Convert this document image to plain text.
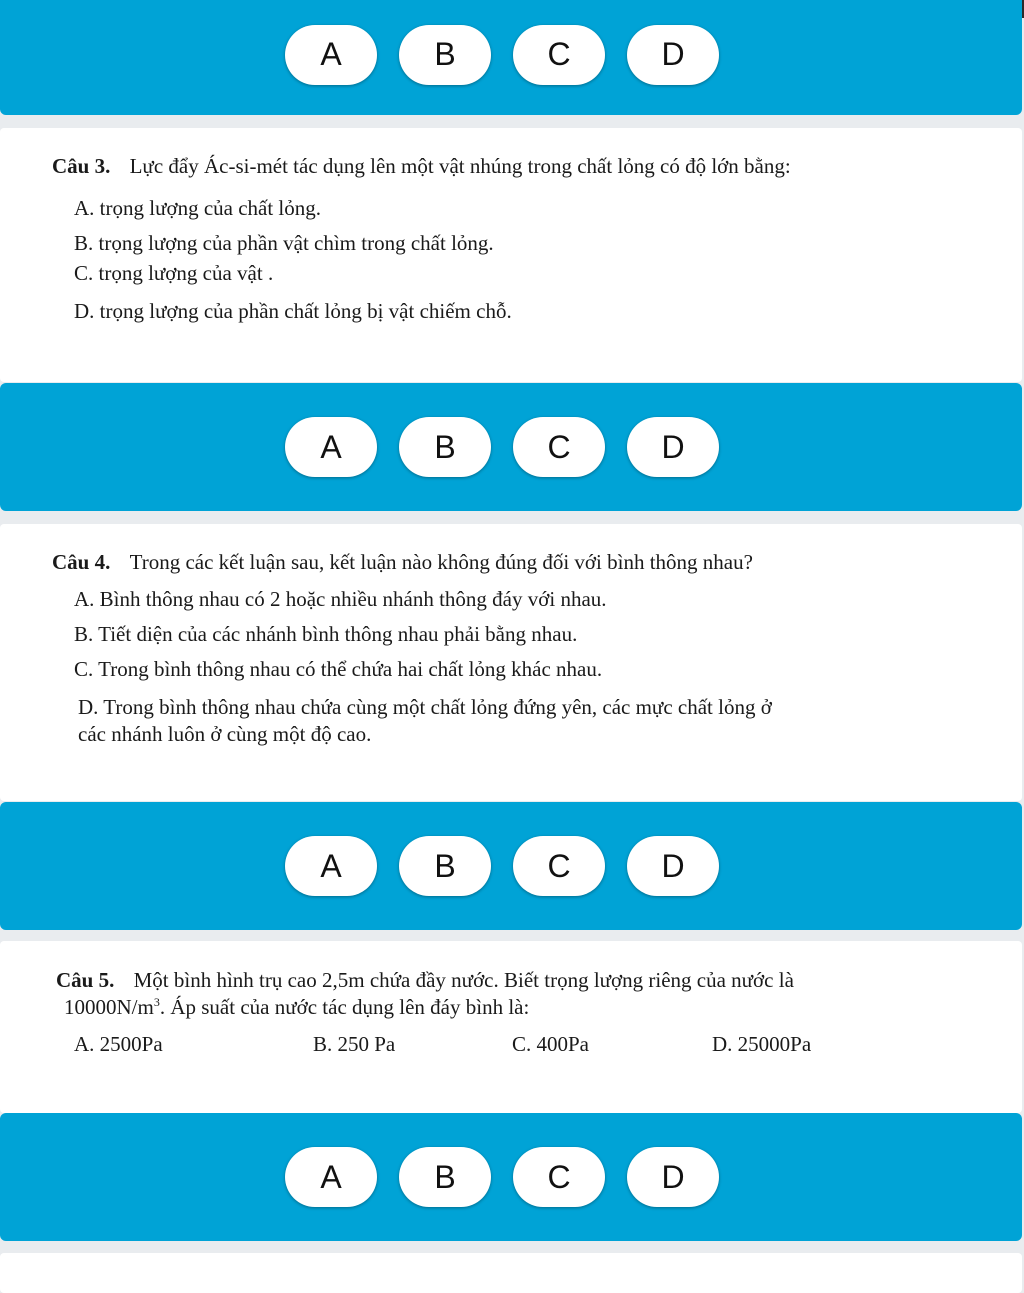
A	B	C	D
Câu 3. Lực đẩy Ác-si-mét tác dụng lên một vật nhúng trong chất lỏng có độ lớn bằng:
A. trọng lượng của chất lỏng.
B. trọng lượng của phần vật chìm trong chất lỏng.
C. trọng lượng của vật .
D. trọng lượng của phần chất lỏng bị vật chiếm chỗ.
A	B	C	D
Câu 4. Trong các kết luận sau, kết luận nào không đúng đối với bình thông nhau?
A. Bình thông nhau có 2 hoặc nhiều nhánh thông đáy với nhau.
B. Tiết diện của các nhánh bình thông nhau phải bằng nhau.
C. Trong bình thông nhau có thể chứa hai chất lỏng khác nhau.
D. Trong bình thông nhau chứa cùng một chất lỏng đứng yên, các mực chất lỏng ở
các nhánh luôn ở cùng một độ cao.
A	B	C	D
Câu 5. Một bình hình trụ cao 2,5m chứa đầy nước. Biết trọng lượng riêng của nước là
$10000N/m^3$. Áp suất của nước tác dụng lên đáy bình là:
A. 2500Pa	B. 250 Pa	C. 400Pa	D. 25000Pa
A	B	C	D
